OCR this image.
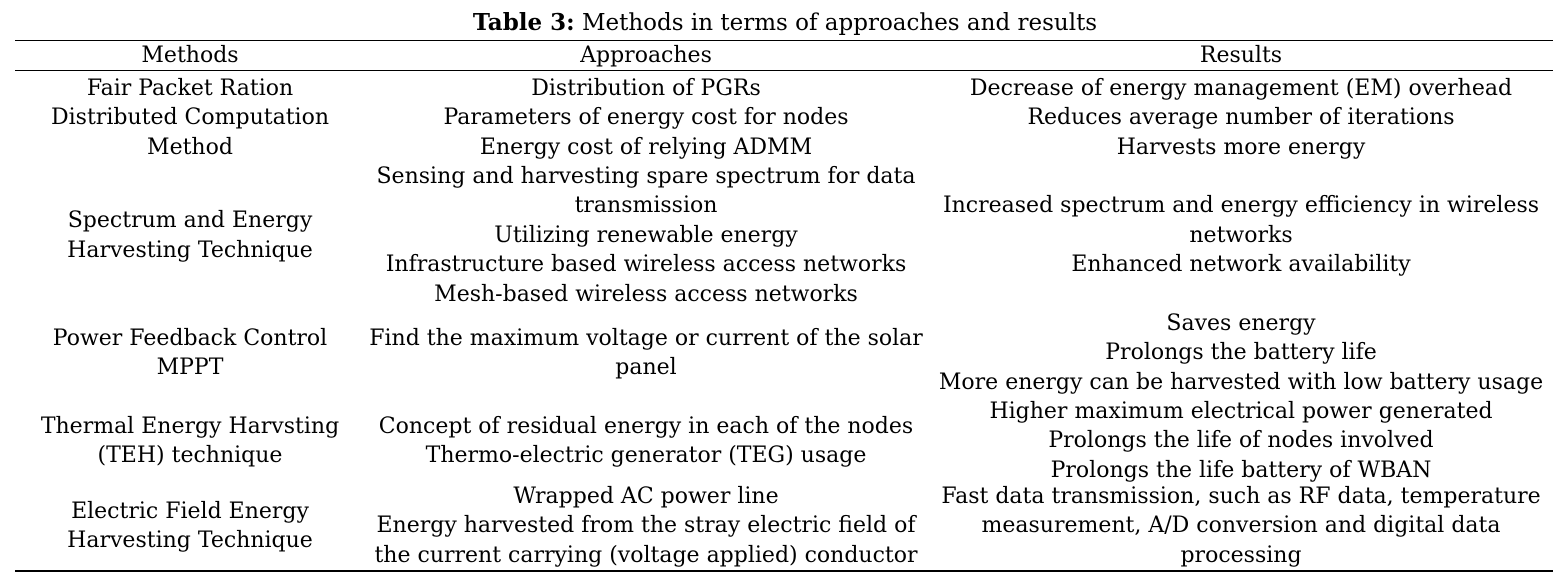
Table 3: Methods in terms of approaches and results
Methods	Approaches	Results
Fair Packet Ration
Distributed Computation
Method
Distribution of PGRs
Parameters of energy cost for nodes
Energy cost of relying ADMM
Decrease of energy management (EM) overhead
Reduces average number of iterations
Harvests more energy
Spectrum and Energy
Harvesting Technique
Sensing and harvesting spare spectrum for data
transmission
Utilizing renewable energy
Infrastructure based wireless access networks
Mesh-based wireless access networks
Increased spectrum and energy efficiency in wireless
networks
Enhanced network availability
Power Feedback Control
MPPT
Find the maximum voltage or current of the solar
panel
Saves energy
Prolongs the battery life
More energy can be harvested with low battery usage
Thermal Energy Harvsting
(TEH) technique
Concept of residual energy in each of the nodes
Thermo-electric generator (TEG) usage
Higher maximum electrical power generated
Prolongs the life of nodes involved
Prolongs the life battery of WBAN
Electric Field Energy
Harvesting Technique
Wrapped AC power line
Energy harvested from the stray electric field of
the current carrying (voltage applied) conductor
Fast data transmission, such as RF data, temperature
measurement, A/D conversion and digital data
processing
